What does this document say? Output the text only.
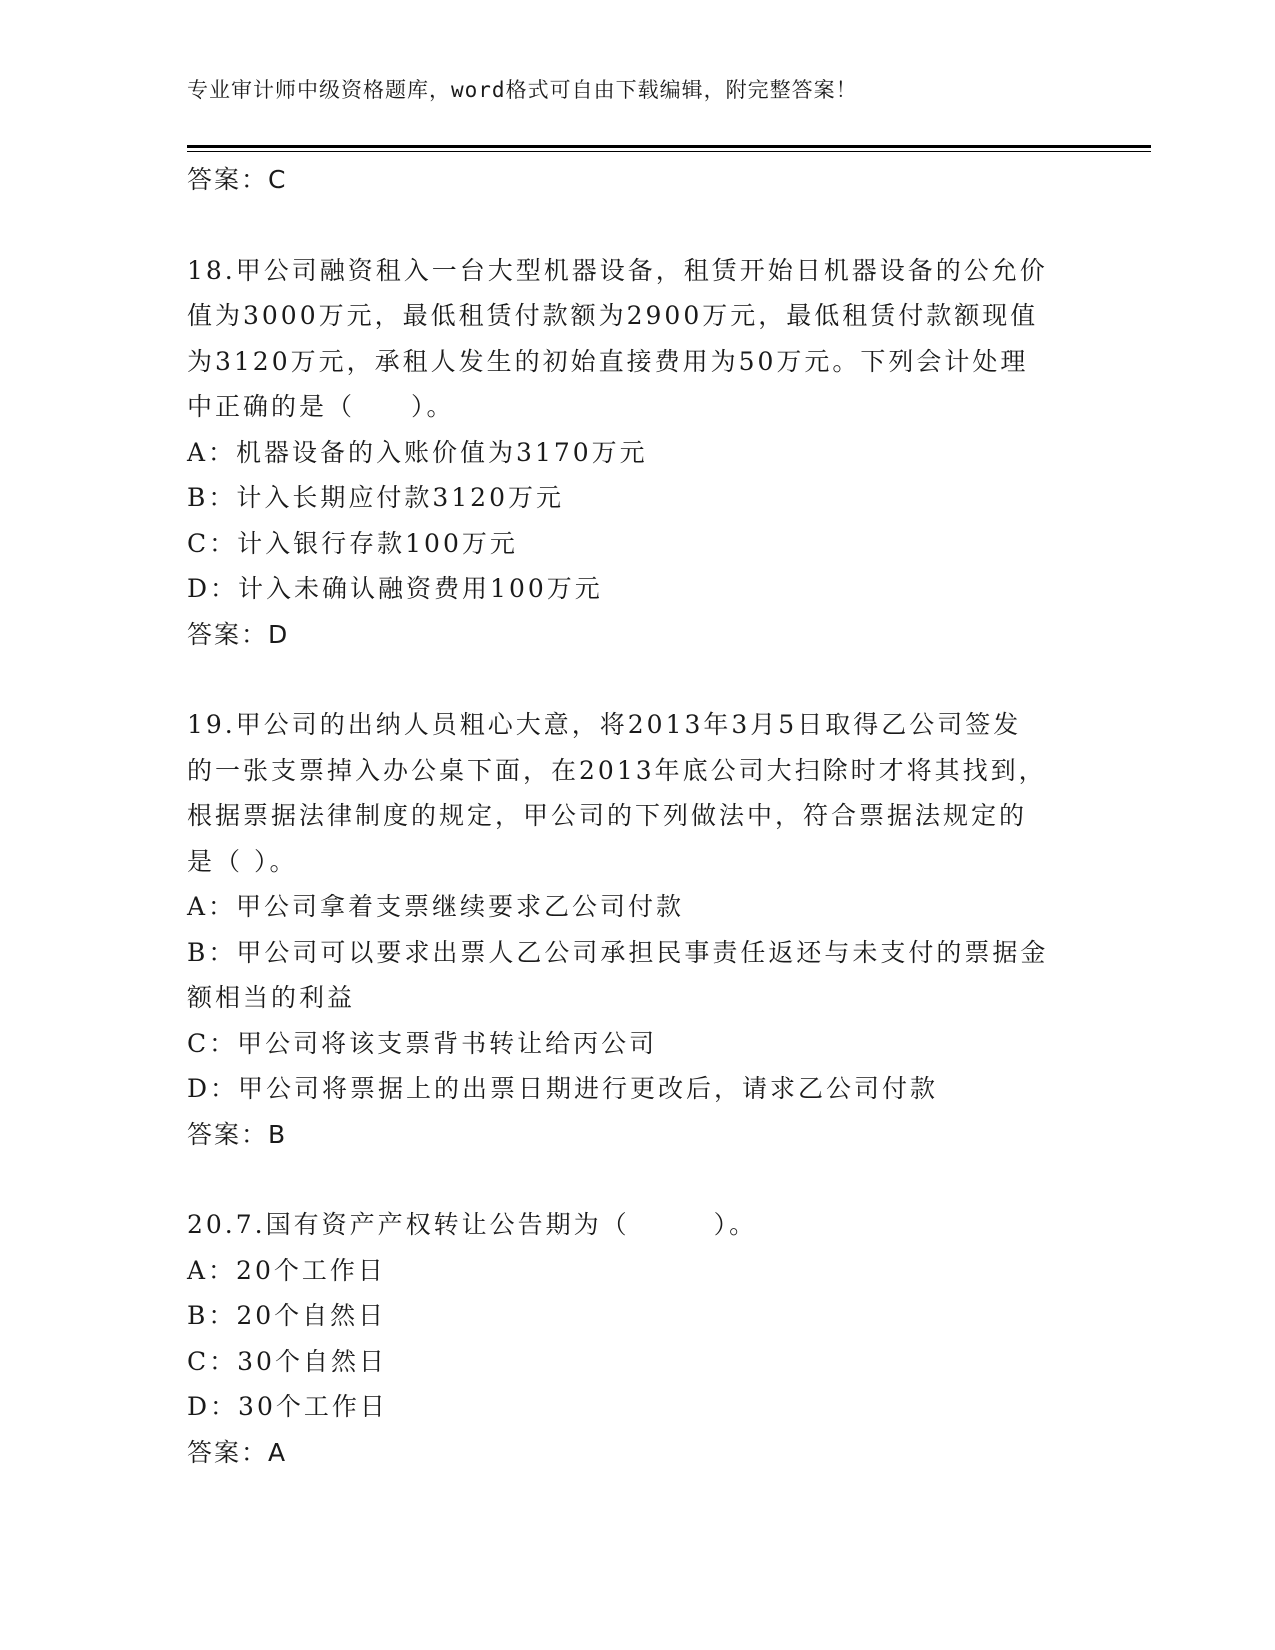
专业审计师中级资格题库，word格式可自由下载编辑，附完整答案！
答案：C
18.甲公司融资租入一台大型机器设备，租赁开始日机器设备的公允价
值为3000万元，最低租赁付款额为2900万元，最低租赁付款额现值
为3120万元，承租人发生的初始直接费用为50万元。下列会计处理
中正确的是（　　）。
A：机器设备的入账价值为3170万元
B：计入长期应付款3120万元
C：计入银行存款100万元
D：计入未确认融资费用100万元
答案：D
19.甲公司的出纳人员粗心大意，将2013年3月5日取得乙公司签发
的一张支票掉入办公桌下面，在2013年底公司大扫除时才将其找到，
根据票据法律制度的规定，甲公司的下列做法中，符合票据法规定的
是（ ）。
A：甲公司拿着支票继续要求乙公司付款
B：甲公司可以要求出票人乙公司承担民事责任返还与未支付的票据金
额相当的利益
C：甲公司将该支票背书转让给丙公司
D：甲公司将票据上的出票日期进行更改后，请求乙公司付款
答案：B
20.7.国有资产产权转让公告期为（　　　）。
A：20个工作日
B：20个自然日
C：30个自然日
D：30个工作日
答案：A
